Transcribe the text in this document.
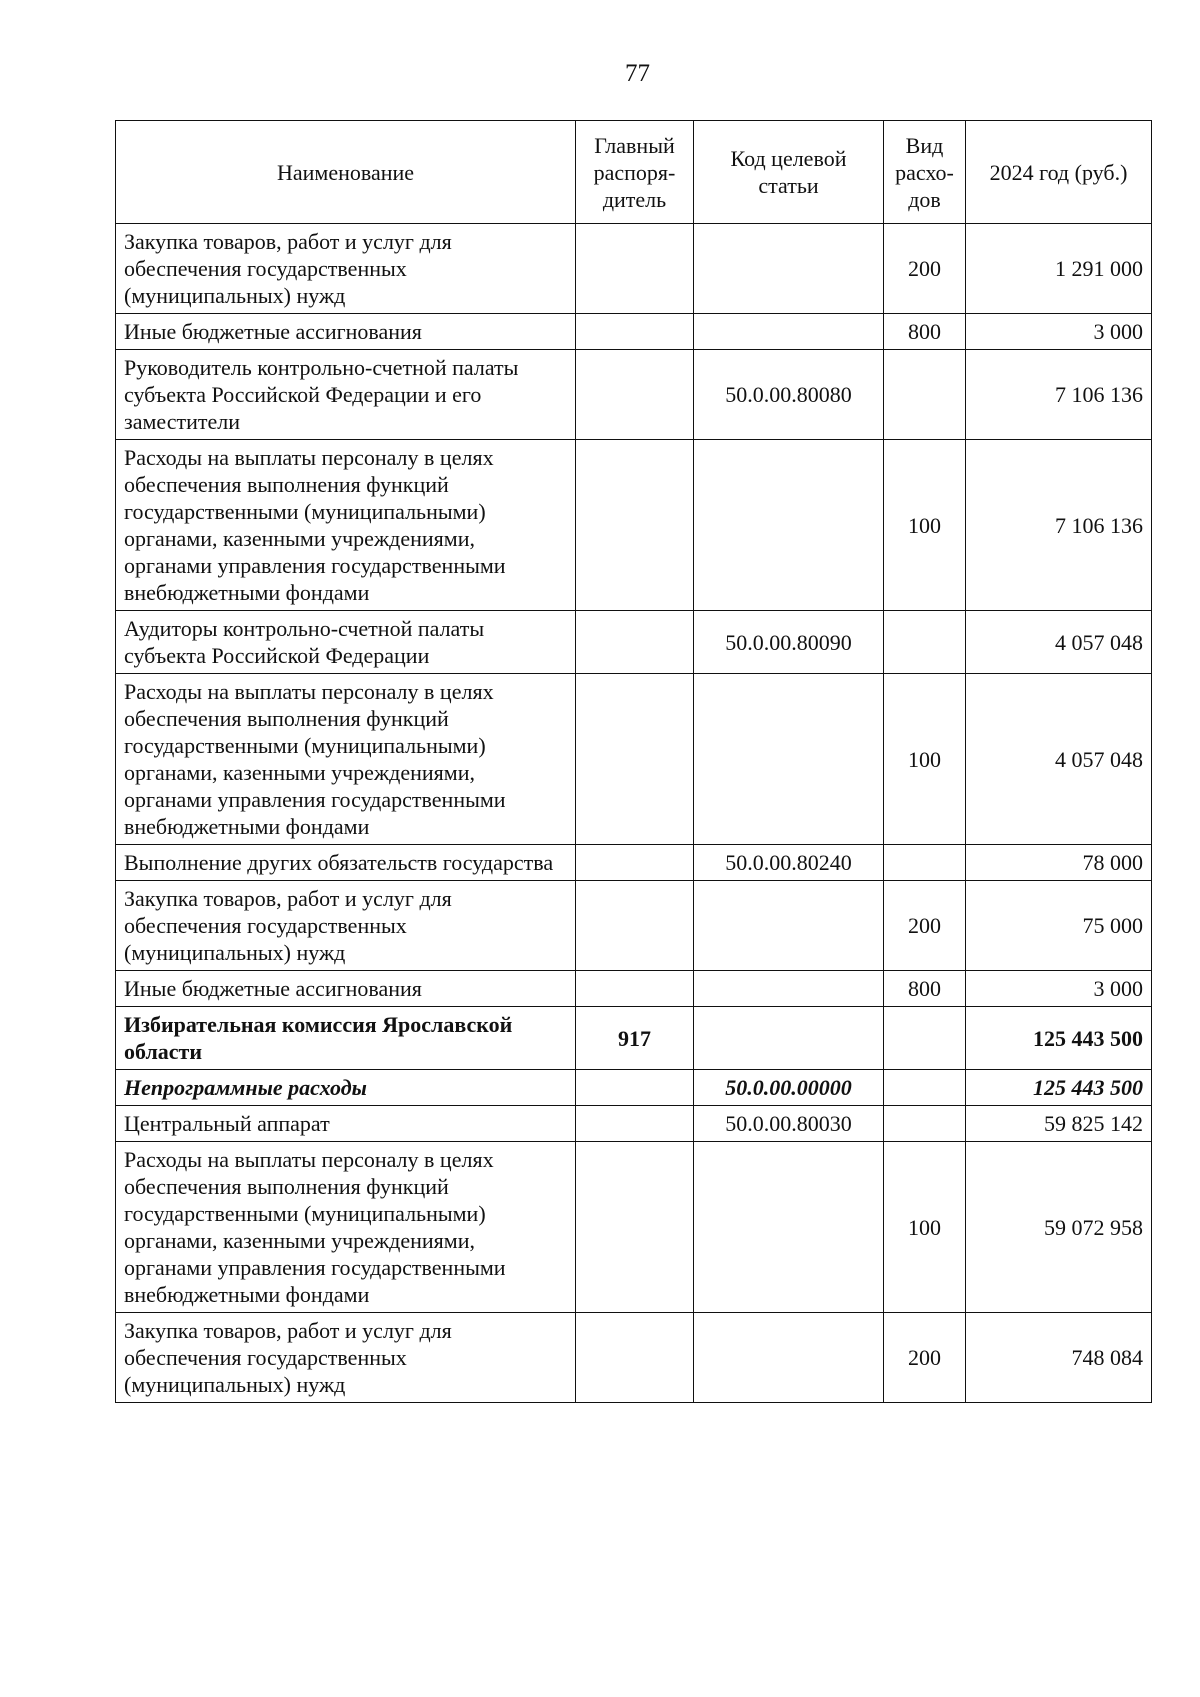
77
Наименование	Главный распоря-дитель	Код целевой статьи	Вид расхо-дов	2024 год (руб.)
Закупка товаров, работ и услуг для обеспечения государственных (муниципальных) нужд			200	1 291 000
Иные бюджетные ассигнования			800	3 000
Руководитель контрольно-счетной палаты субъекта Российской Федерации и его заместители		50.0.00.80080		7 106 136
Расходы на выплаты персоналу в целях обеспечения выполнения функций государственными (муниципальными) органами, казенными учреждениями, органами управления государственными внебюджетными фондами			100	7 106 136
Аудиторы контрольно-счетной палаты субъекта Российской Федерации		50.0.00.80090		4 057 048
Расходы на выплаты персоналу в целях обеспечения выполнения функций государственными (муниципальными) органами, казенными учреждениями, органами управления государственными внебюджетными фондами			100	4 057 048
Выполнение других обязательств государства		50.0.00.80240		78 000
Закупка товаров, работ и услуг для обеспечения государственных (муниципальных) нужд			200	75 000
Иные бюджетные ассигнования			800	3 000
Избирательная комиссия Ярославской области	917			125 443 500
Непрограммные расходы		50.0.00.00000		125 443 500
Центральный аппарат		50.0.00.80030		59 825 142
Расходы на выплаты персоналу в целях обеспечения выполнения функций государственными (муниципальными) органами, казенными учреждениями, органами управления государственными внебюджетными фондами			100	59 072 958
Закупка товаров, работ и услуг для обеспечения государственных (муниципальных) нужд			200	748 084
